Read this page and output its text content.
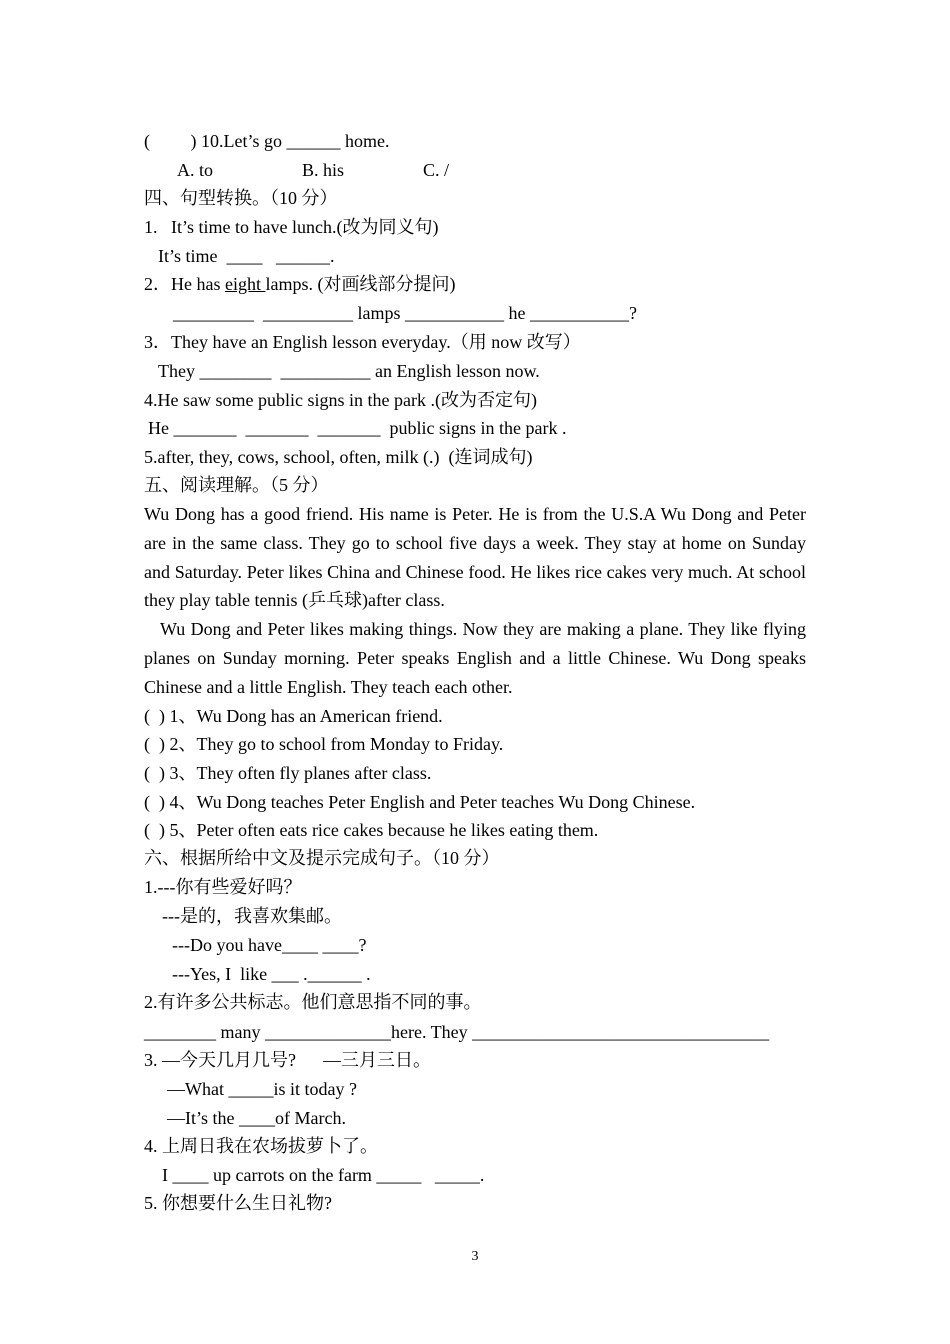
(         ) 10.Let’s go ______ home.
A. to	B. his	C. /
四、句型转换。（10 分）
1.   It’s time to have lunch.(改为同义句)
It’s time  ____   ______.
2．He has eight lamps. (对画线部分提问)
_________  __________ lamps ___________ he ___________?
3．They have an English lesson everyday.（用 now 改写）
They ________  __________ an English lesson now.
4.He saw some public signs in the park .(改为否定句)
He _______  _______  _______  public signs in the park .
5.after, they, cows, school, often, milk (.)  (连词成句)
五、阅读理解。（5 分）
Wu Dong has a good friend. His name is Peter. He is from the U.S.A Wu Dong and Peter are in the same class. They go to school five days a week. They stay at home on Sunday and Saturday. Peter likes China and Chinese food. He likes rice cakes very much. At school they play table tennis (乒乓球)after class.
Wu Dong and Peter likes making things. Now they are making a plane. They like flying planes on Sunday morning. Peter speaks English and a little Chinese. Wu Dong speaks Chinese and a little English. They teach each other.
(  ) 1、Wu Dong has an American friend.
(  ) 2、They go to school from Monday to Friday.
(  ) 3、They often fly planes after class.
(  ) 4、Wu Dong teaches Peter English and Peter teaches Wu Dong Chinese.
(  ) 5、Peter often eats rice cakes because he likes eating them.
六、根据所给中文及提示完成句子。（10 分）
1.---你有些爱好吗？
---是的，我喜欢集邮。
---Do you have____ ____?
---Yes, I  like ___ .______ .
2.有许多公共标志。他们意思指不同的事。
________ many ______________here. They _________________________________
3. —今天几月几号?      —三月三日。
—What _____is it today ?
—It’s the ____of March.
4. 上周日我在农场拔萝卜了。
I ____ up carrots on the farm _____   _____.
5. 你想要什么生日礼物?
3
